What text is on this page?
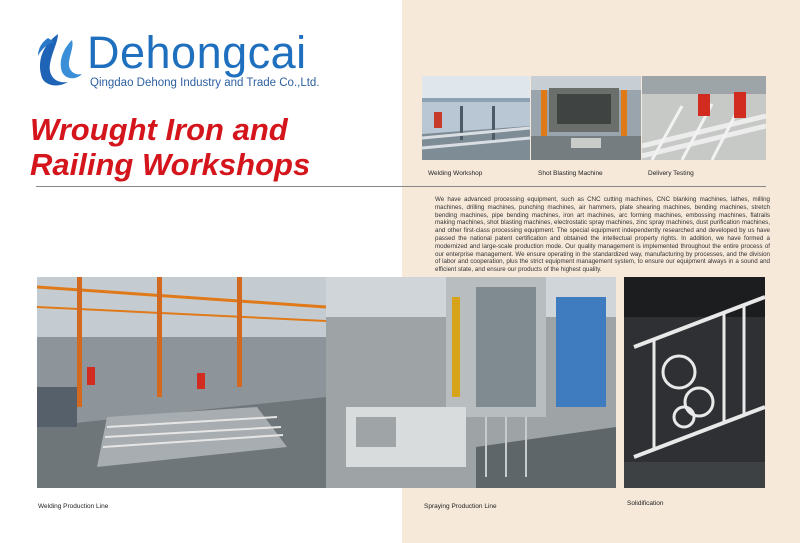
Dehongcai
Qingdao Dehong Industry and Trade Co.,Ltd.
Wrought Iron and
Railing Workshops	Welding Workshop	Shot Blasting Machine	Delivery Testing
We have advanced processing equipment, such as CNC cutting machines, CNC blanking machines, lathes, milling machines, drilling machines, punching machines, air hammers, plate shearing machines, bending machines, stretch bending machines, pipe bending machines, iron art machines, arc forming machines, embossing machines, flatrails making machines, shot blasting machines, electrostatic spray machines, zinc spray machines, dust purification machines, and other first-class processing equipment. The special equipment independently researched and developed by us have passed the national patent certification and obtained the intellectual property rights. In addition, we have formed a modernized and large-scale production mode. Our quality management is implemented throughout the entire process of our enterprise management. We ensure operating in the standardized way, manufacturing by processes, and the division of labor and cooperation, plus the strict equipment management system, to ensure our equipment always in a sound and efficient state, and ensure our products of the highest quality.
Welding Production Line	Spraying Production Line	Solidification
